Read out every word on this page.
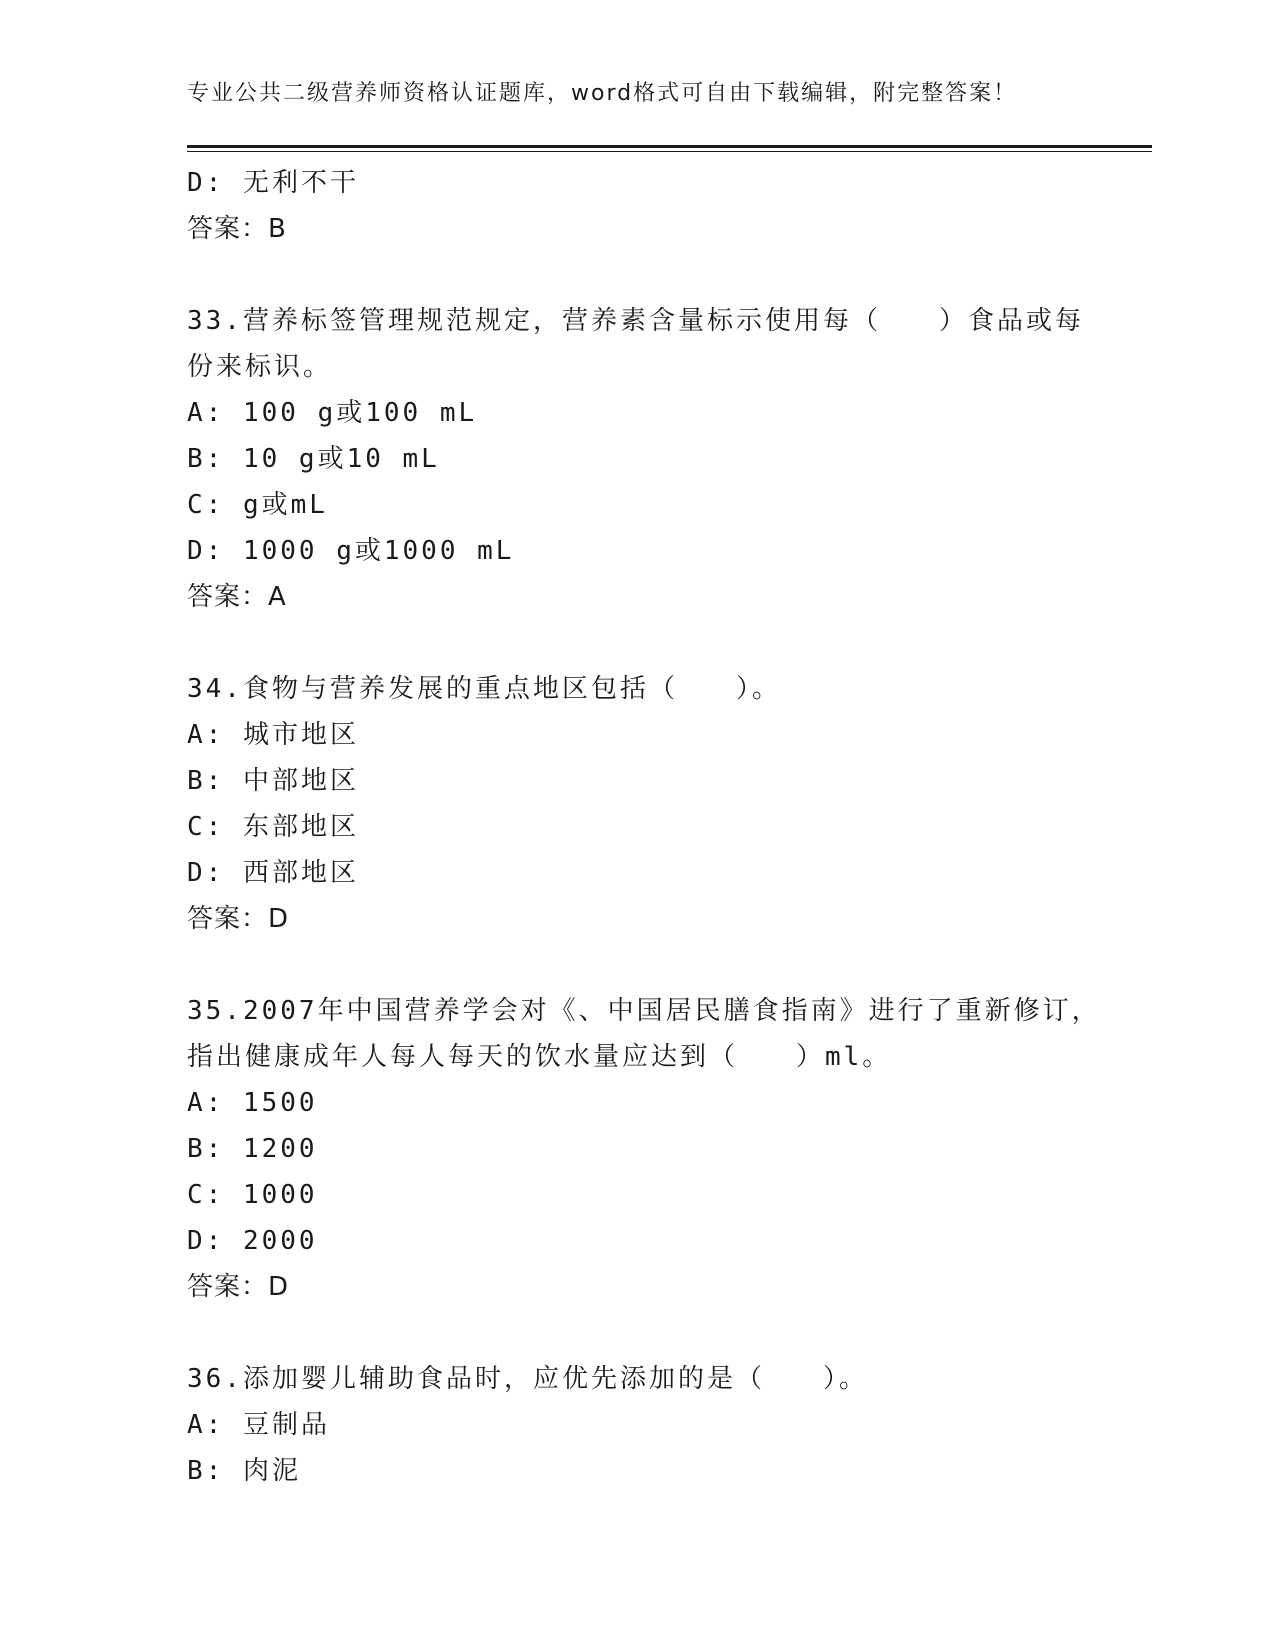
专业公共二级营养师资格认证题库，word格式可自由下载编辑，附完整答案！
D: 无利不干
答案：B
33.营养标签管理规范规定，营养素含量标示使用每（　　）食品或每
份来标识。
A: 100 g或100 mL
B: 10 g或10 mL
C: g或mL
D: 1000 g或1000 mL
答案：A
34.食物与营养发展的重点地区包括（　　）。
A: 城市地区
B: 中部地区
C: 东部地区
D: 西部地区
答案：D
35.2007年中国营养学会对《、中国居民膳食指南》进行了重新修订，
指出健康成年人每人每天的饮水量应达到（　　）ml。
A: 1500
B: 1200
C: 1000
D: 2000
答案：D
36.添加婴儿辅助食品时，应优先添加的是（　　）。
A: 豆制品
B: 肉泥
